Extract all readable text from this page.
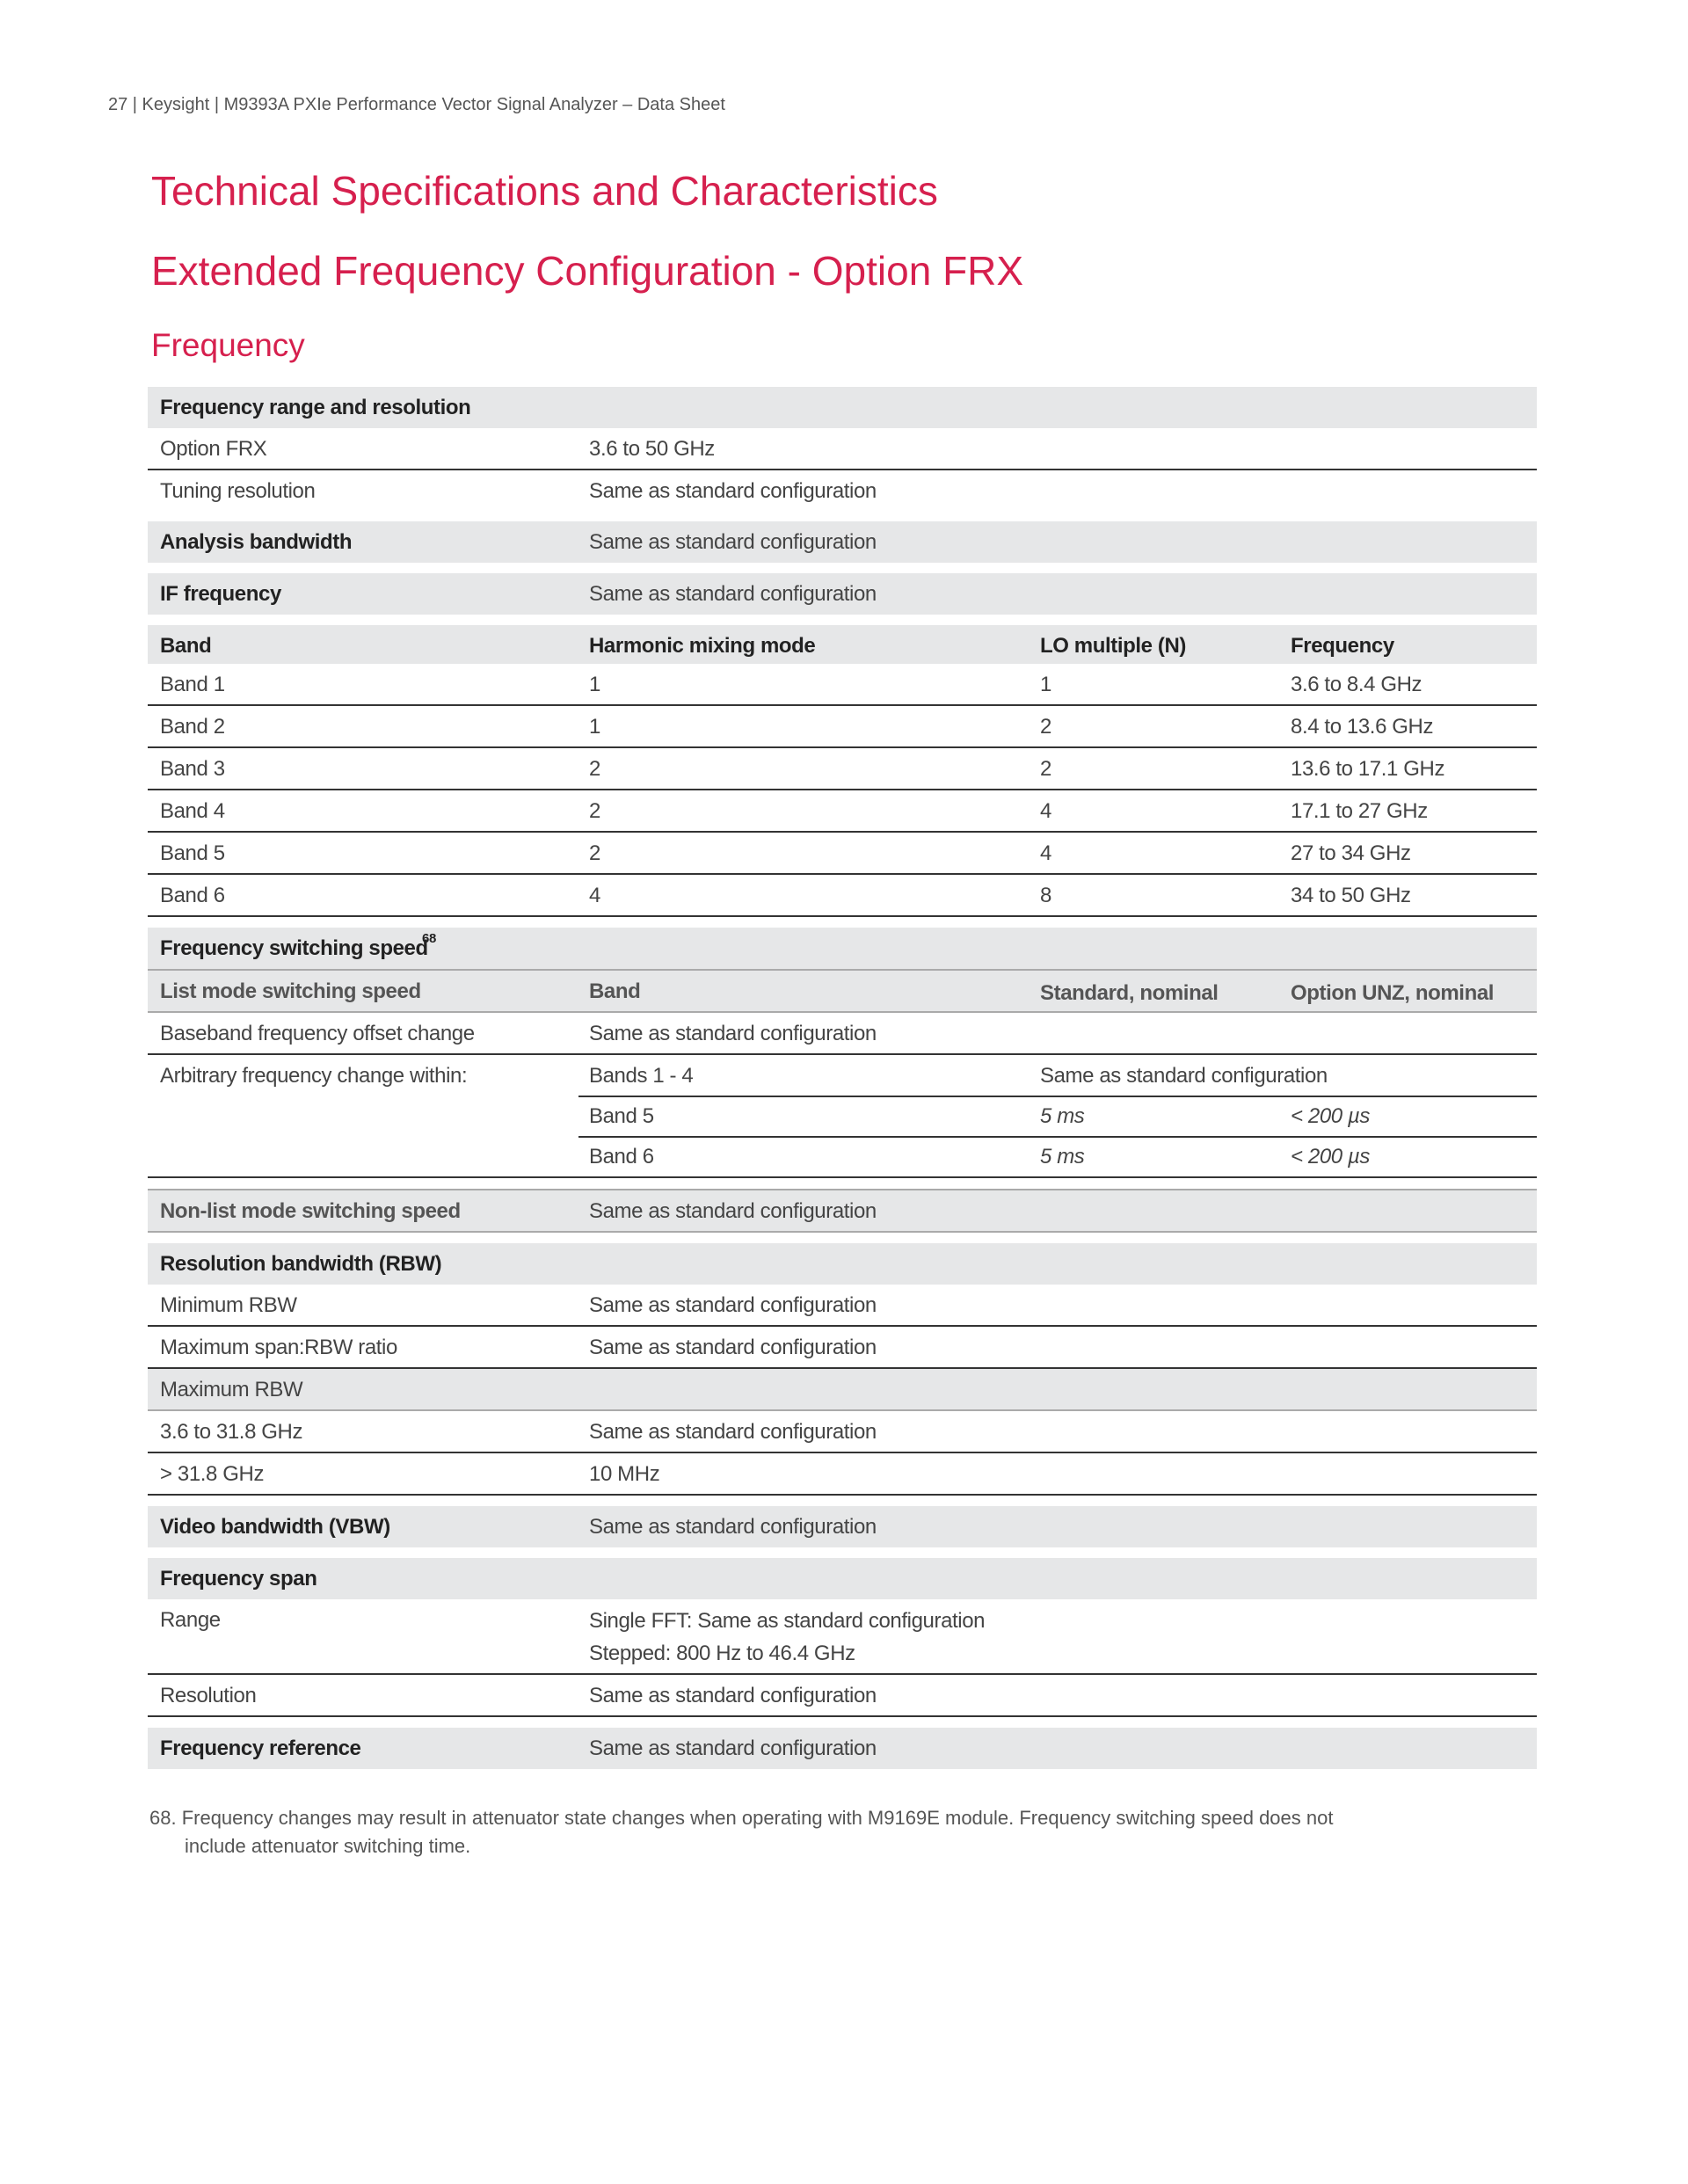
27 | Keysight | M9393A PXIe Performance Vector Signal Analyzer – Data Sheet
Technical Specifications and Characteristics
Extended Frequency Configuration - Option FRX
Frequency
Frequency range and resolution
Option FRX	3.6 to 50 GHz
Tuning resolution	Same as standard configuration
Analysis bandwidth	Same as standard configuration
IF frequency	Same as standard configuration
Band	Harmonic mixing mode	LO multiple (N)	Frequency
Band 1	1	1	3.6 to 8.4 GHz
Band 2	1	2	8.4 to 13.6 GHz
Band 3	2	2	13.6 to 17.1 GHz
Band 4	2	4	17.1 to 27 GHz
Band 5	2	4	27 to 34 GHz
Band 6	4	8	34 to 50 GHz
Frequency switching speed
68
List mode switching speed	Band	Standard, nominal	Option UNZ, nominal
Baseband frequency offset change	Same as standard configuration
Arbitrary frequency change within:	Bands 1 - 4	Same as standard configuration
Band 5	5 ms	< 200 µs
Band 6	5 ms	< 200 µs
Non-list mode switching speed	Same as standard configuration
Resolution bandwidth (RBW)
Minimum RBW	Same as standard configuration
Maximum span:RBW ratio	Same as standard configuration
Maximum RBW
3.6 to 31.8 GHz	Same as standard configuration
> 31.8 GHz	10 MHz
Video bandwidth (VBW)	Same as standard configuration
Frequency span
Range	Single FFT: Same as standard configuration
Stepped: 800 Hz to 46.4 GHz
Resolution	Same as standard configuration
Frequency reference	Same as standard configuration
68. Frequency changes may result in attenuator state changes when operating with M9169E module. Frequency switching speed does not
include attenuator switching time.
